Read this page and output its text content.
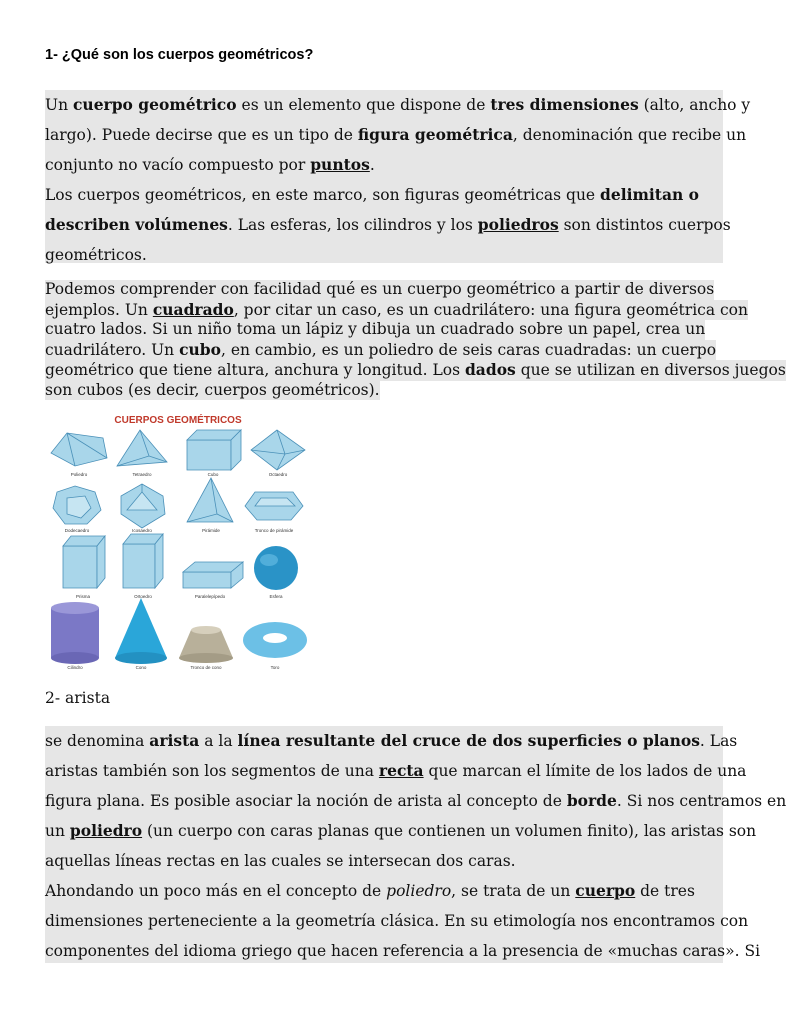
1- ¿Qué son los cuerpos geométricos?
Un cuerpo geométrico es un elemento que dispone de tres dimensiones (alto, ancho y
largo). Puede decirse que es un tipo de figura geométrica, denominación que recibe un
conjunto no vacío compuesto por puntos.
Los cuerpos geométricos, en este marco, son figuras geométricas que delimitan o
describen volúmenes. Las esferas, los cilindros y los poliedros son distintos cuerpos
geométricos.
Podemos comprender con facilidad qué es un cuerpo geométrico a partir de diversos
ejemplos. Un cuadrado, por citar un caso, es un cuadrilátero: una figura geométrica con
cuatro lados. Si un niño toma un lápiz y dibuja un cuadrado sobre un papel, crea un
cuadrilátero. Un cubo, en cambio, es un poliedro de seis caras cuadradas: un cuerpo
geométrico que tiene altura, anchura y longitud. Los dados que se utilizan en diversos juegos
son cubos (es decir, cuerpos geométricos).
CUERPOS GEOMÉTRICOS
Poliedro	Tetraedro	Cubo	Octaedro
Dodecaedro	Icosaedro	Pirámide	Tronco de pirámide
Prisma	Ortoedro	Paralelepípedo	Esfera
Cilindro	Cono	Tronco de cono	Toro
2- arista
se denomina arista a la línea resultante del cruce de dos superficies o planos. Las
aristas también son los segmentos de una recta que marcan el límite de los lados de una
figura plana. Es posible asociar la noción de arista al concepto de borde. Si nos centramos en
un poliedro (un cuerpo con caras planas que contienen un volumen finito), las aristas son
aquellas líneas rectas en las cuales se intersecan dos caras.
Ahondando un poco más en el concepto de poliedro, se trata de un cuerpo de tres
dimensiones perteneciente a la geometría clásica. En su etimología nos encontramos con
componentes del idioma griego que hacen referencia a la presencia de «muchas caras». Si
